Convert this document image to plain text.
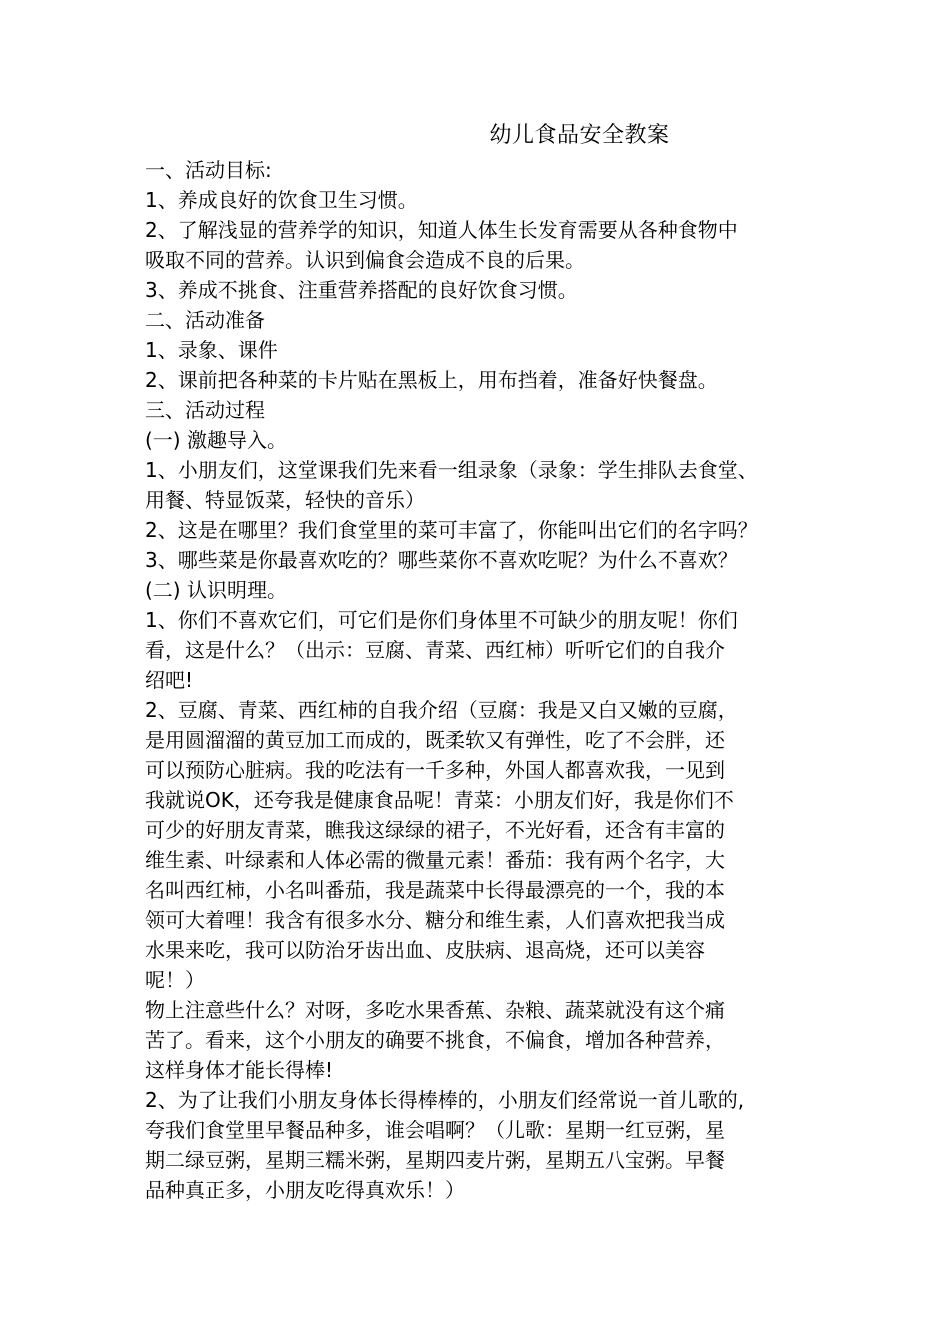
幼儿食品安全教案
一、活动目标:
1、养成良好的饮食卫生习惯。
2、了解浅显的营养学的知识，知道人体生长发育需要从各种食物中
吸取不同的营养。认识到偏食会造成不良的后果。
3、养成不挑食、注重营养搭配的良好饮食习惯。
二、活动准备
1、录象、课件
2、课前把各种菜的卡片贴在黑板上，用布挡着，准备好快餐盘。
三、活动过程
(一) 激趣导入。
1、小朋友们，这堂课我们先来看一组录象（录象：学生排队去食堂、
用餐、特显饭菜，轻快的音乐）
2、这是在哪里？我们食堂里的菜可丰富了，你能叫出它们的名字吗？
3、哪些菜是你最喜欢吃的？哪些菜你不喜欢吃呢？为什么不喜欢？
(二) 认识明理。
1、你们不喜欢它们，可它们是你们身体里不可缺少的朋友呢！你们
看，这是什么？（出示：豆腐、青菜、西红柿）听听它们的自我介
绍吧!
2、豆腐、青菜、西红柿的自我介绍（豆腐：我是又白又嫩的豆腐，
是用圆溜溜的黄豆加工而成的，既柔软又有弹性，吃了不会胖，还
可以预防心脏病。我的吃法有一千多种，外国人都喜欢我，一见到
我就说OK，还夸我是健康食品呢！青菜：小朋友们好，我是你们不
可少的好朋友青菜，瞧我这绿绿的裙子，不光好看，还含有丰富的
维生素、叶绿素和人体必需的微量元素！番茄：我有两个名字，大
名叫西红柿，小名叫番茄，我是蔬菜中长得最漂亮的一个，我的本
领可大着哩！我含有很多水分、糖分和维生素，人们喜欢把我当成
水果来吃，我可以防治牙齿出血、皮肤病、退高烧，还可以美容
呢！）
物上注意些什么？对呀，多吃水果香蕉、杂粮、蔬菜就没有这个痛
苦了。看来，这个小朋友的确要不挑食，不偏食，增加各种营养，
这样身体才能长得棒!
2、为了让我们小朋友身体长得棒棒的，小朋友们经常说一首儿歌的,
夸我们食堂里早餐品种多，谁会唱啊？（儿歌：星期一红豆粥，星
期二绿豆粥，星期三糯米粥，星期四麦片粥，星期五八宝粥。早餐
品种真正多，小朋友吃得真欢乐！）
